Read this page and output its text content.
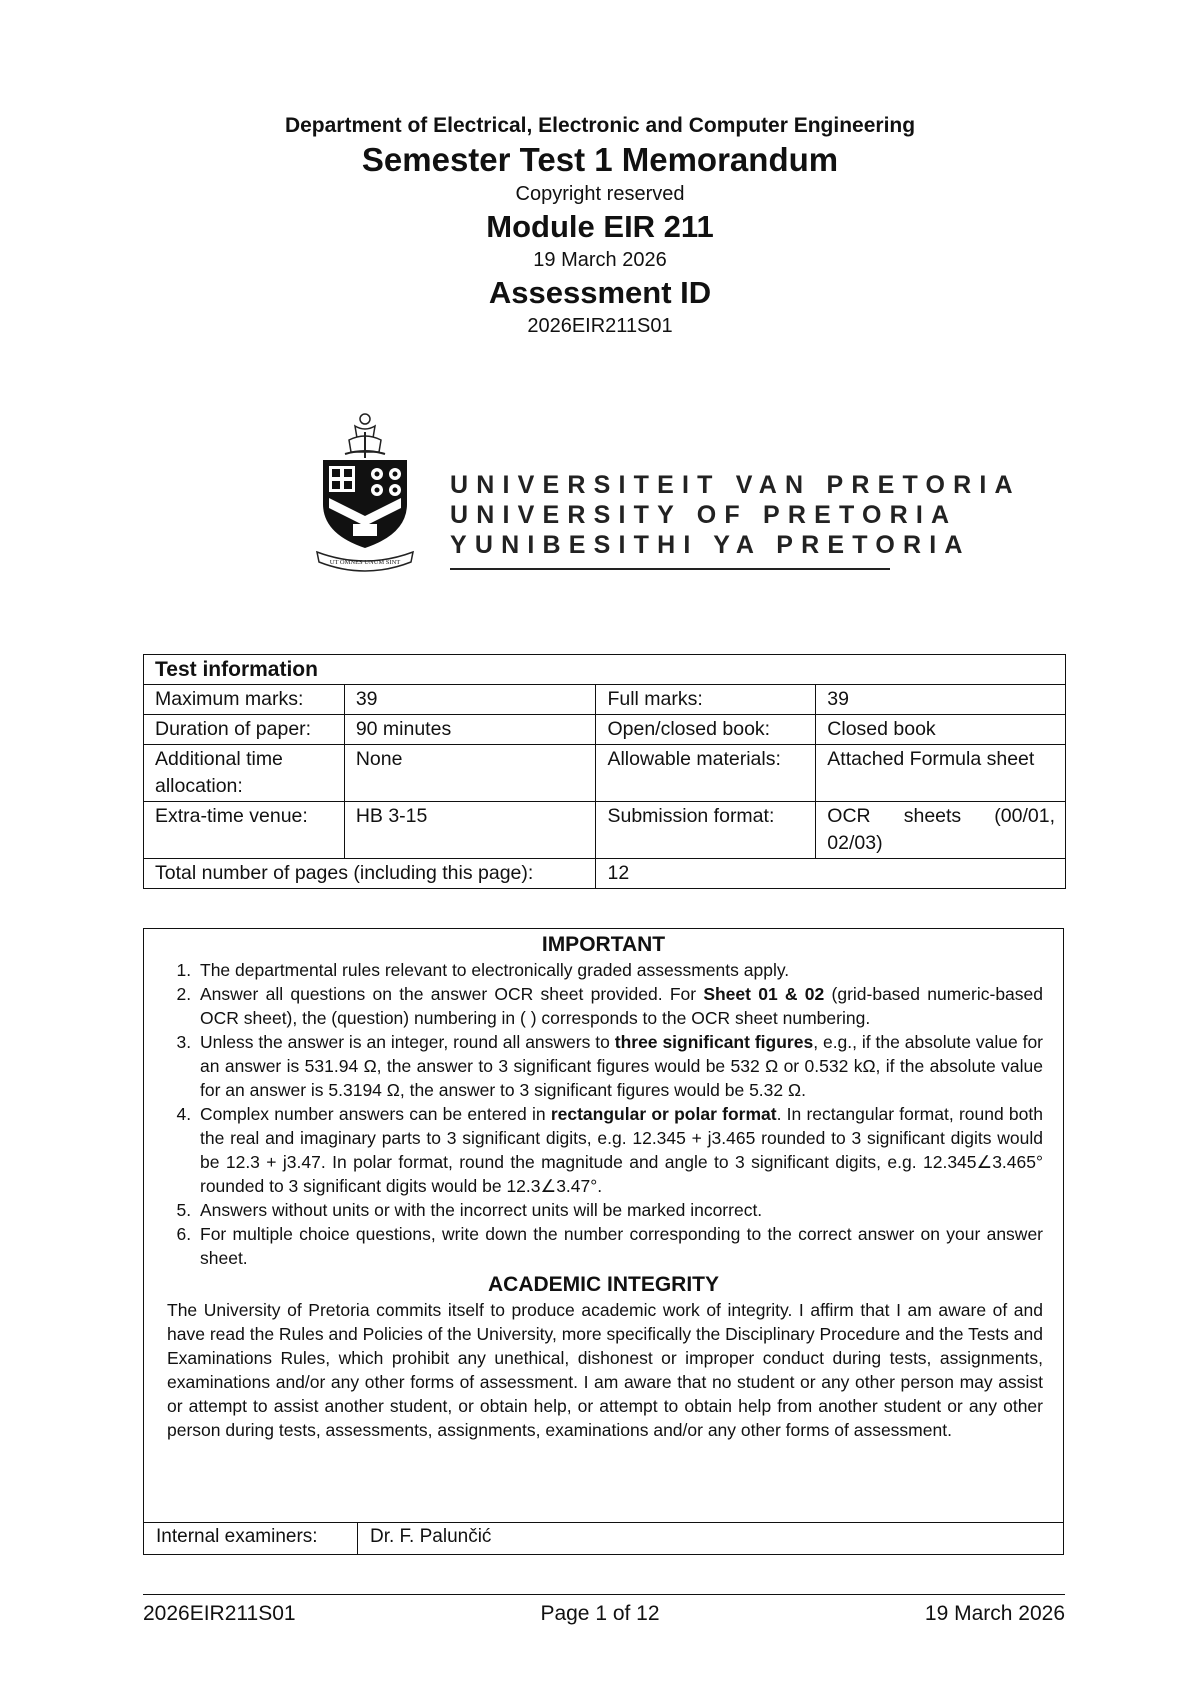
Department of Electrical, Electronic and Computer Engineering
Semester Test 1 Memorandum
Copyright reserved
Module EIR 211
19 March 2026
Assessment ID
2026EIR211S01
UT OMNES UNUM SINT
UNIVERSITEIT VAN PRETORIA
UNIVERSITY OF PRETORIA
YUNIBESITHI YA PRETORIA
Test information			
Maximum marks:	39	Full marks:	39
Duration of paper:	90 minutes	Open/closed book:	Closed book
Additional time allocation:	None	Allowable materials:	Attached Formula sheet
Extra-time venue:	HB 3-15	Submission format:	OCR sheets (00/01, 02/03)
Total number of pages (including this page):		12	
IMPORTANT
1. The departmental rules relevant to electronically graded assessments apply.
2. Answer all questions on the answer OCR sheet provided. For Sheet 01 & 02 (grid-based numeric-based OCR sheet), the (question) numbering in ( ) corresponds to the OCR sheet numbering.
3. Unless the answer is an integer, round all answers to three significant figures, e.g., if the absolute value for an answer is 531.94 Ω, the answer to 3 significant figures would be 532 Ω or 0.532 kΩ, if the absolute value for an answer is 5.3194 Ω, the answer to 3 significant figures would be 5.32 Ω.
4. Complex number answers can be entered in rectangular or polar format. In rectangular format, round both the real and imaginary parts to 3 significant digits, e.g. 12.345 + j3.465 rounded to 3 significant digits would be 12.3 + j3.47. In polar format, round the magnitude and angle to 3 significant digits, e.g. 12.345∠3.465° rounded to 3 significant digits would be 12.3∠3.47°.
5. Answers without units or with the incorrect units will be marked incorrect.
6. For multiple choice questions, write down the number corresponding to the correct answer on your answer sheet.
ACADEMIC INTEGRITY
The University of Pretoria commits itself to produce academic work of integrity. I affirm that I am aware of and have read the Rules and Policies of the University, more specifically the Disciplinary Procedure and the Tests and Examinations Rules, which prohibit any unethical, dishonest or improper conduct during tests, assignments, examinations and/or any other forms of assessment. I am aware that no student or any other person may assist or attempt to assist another student, or obtain help, or attempt to obtain help from another student or any other person during tests, assessments, assignments, examinations and/or any other forms of assessment.
Internal examiners:	Dr. F. Palunčić
2026EIR211S01	Page 1 of 12	19 March 2026
